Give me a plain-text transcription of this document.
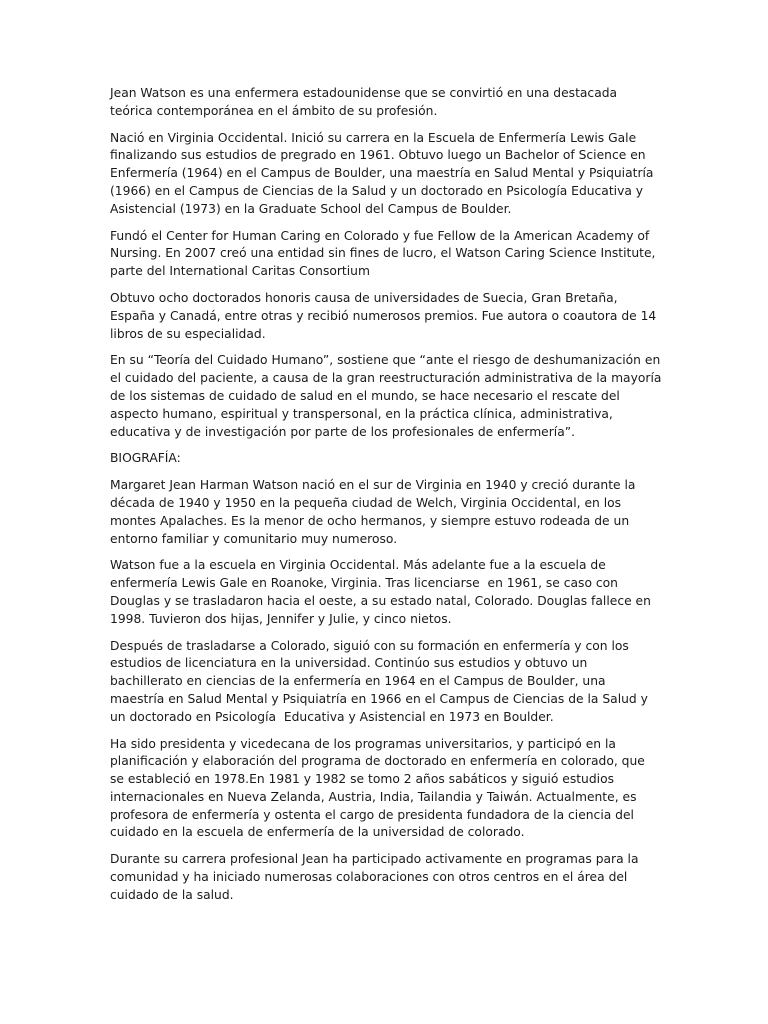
Jean Watson es una enfermera estadounidense que se convirtió en una destacada teórica contemporánea en el ámbito de su profesión.

Nació en Virginia Occidental. Inició su carrera en la Escuela de Enfermería Lewis Gale finalizando sus estudios de pregrado en 1961. Obtuvo luego un Bachelor of Science en Enfermería (1964) en el Campus de Boulder, una maestría en Salud Mental y Psiquiatría (1966) en el Campus de Ciencias de la Salud y un doctorado en Psicología Educativa y Asistencial (1973) en la Graduate School del Campus de Boulder.

Fundó el Center for Human Caring en Colorado y fue Fellow de la American Academy of Nursing. En 2007 creó una entidad sin fines de lucro, el Watson Caring Science Institute, parte del International Caritas Consortium

Obtuvo ocho doctorados honoris causa de universidades de Suecia, Gran Bretaña, España y Canadá, entre otras y recibió numerosos premios. Fue autora o coautora de 14 libros de su especialidad.

En su “Teoría del Cuidado Humano”, sostiene que “ante el riesgo de deshumanización en el cuidado del paciente, a causa de la gran reestructuración administrativa de la mayoría de los sistemas de cuidado de salud en el mundo, se hace necesario el rescate del aspecto humano, espiritual y transpersonal, en la práctica clínica, administrativa, educativa y de investigación por parte de los profesionales de enfermería”.

BIOGRAFÍA:

Margaret Jean Harman Watson nació en el sur de Virginia en 1940 y creció durante la década de 1940 y 1950 en la pequeña ciudad de Welch, Virginia Occidental, en los montes Apalaches. Es la menor de ocho hermanos, y siempre estuvo rodeada de un entorno familiar y comunitario muy numeroso.

Watson fue a la escuela en Virginia Occidental. Más adelante fue a la escuela de enfermería Lewis Gale en Roanoke, Virginia. Tras licenciarse  en 1961, se caso con Douglas y se trasladaron hacia el oeste, a su estado natal, Colorado. Douglas fallece en 1998. Tuvieron dos hijas, Jennifer y Julie, y cinco nietos.

Después de trasladarse a Colorado, siguió con su formación en enfermería y con los estudios de licenciatura en la universidad. Continúo sus estudios y obtuvo un bachillerato en ciencias de la enfermería en 1964 en el Campus de Boulder, una maestría en Salud Mental y Psiquiatría en 1966 en el Campus de Ciencias de la Salud y un doctorado en Psicología  Educativa y Asistencial en 1973 en Boulder.

Ha sido presidenta y vicedecana de los programas universitarios, y participó en la planificación y elaboración del programa de doctorado en enfermería en colorado, que se estableció en 1978.En 1981 y 1982 se tomo 2 años sabáticos y siguió estudios internacionales en Nueva Zelanda, Austria, India, Tailandia y Taiwán. Actualmente, es profesora de enfermería y ostenta el cargo de presidenta fundadora de la ciencia del cuidado en la escuela de enfermería de la universidad de colorado.

Durante su carrera profesional Jean ha participado activamente en programas para la comunidad y ha iniciado numerosas colaboraciones con otros centros en el área del cuidado de la salud.
